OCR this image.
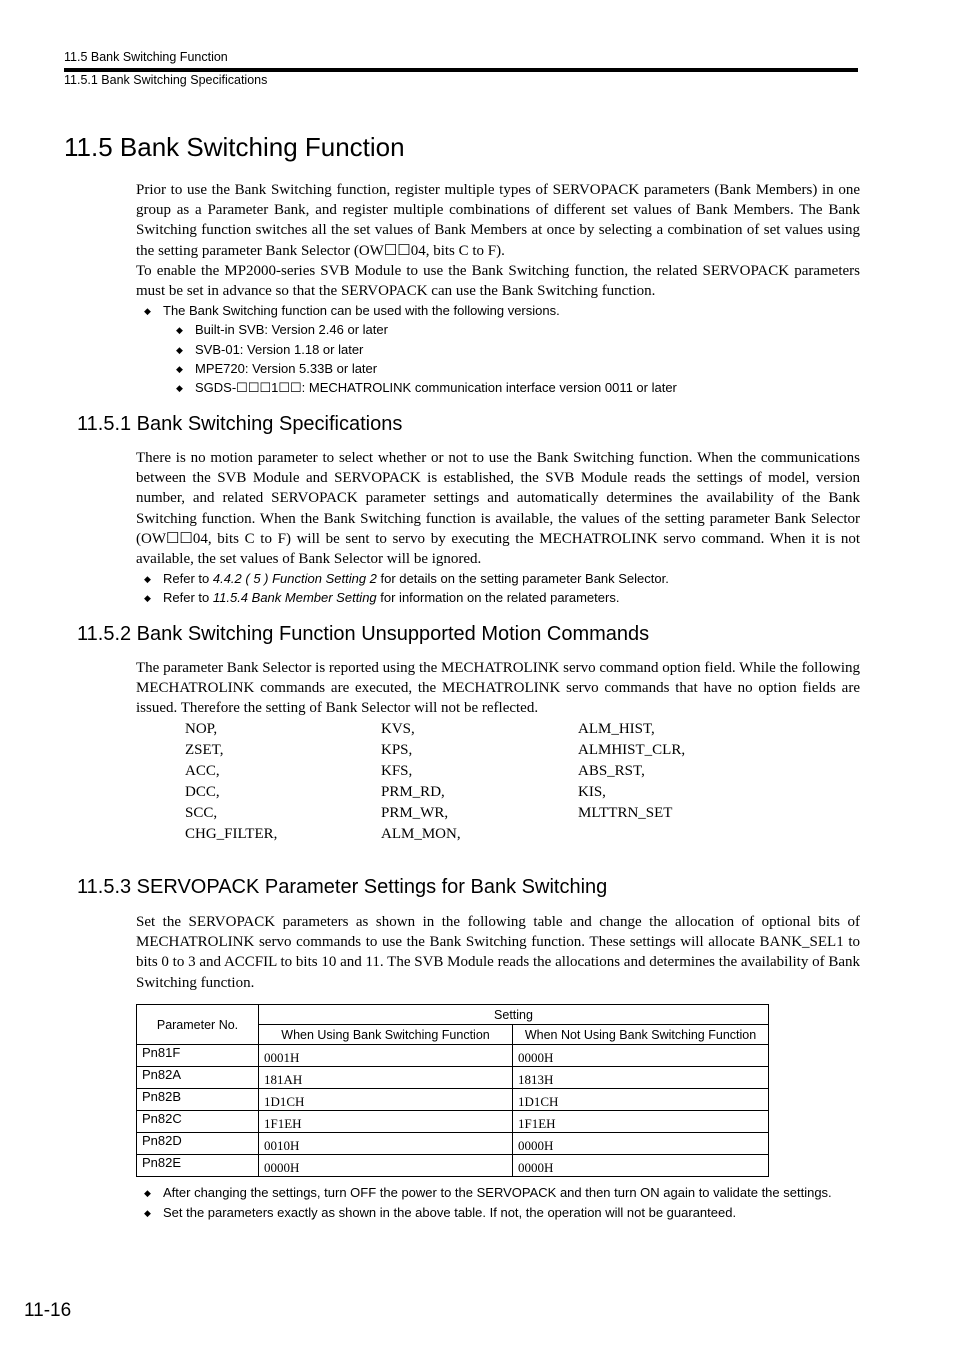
11.5 Bank Switching Function
11.5.1 Bank Switching Specifications
11.5 Bank Switching Function

Prior to use the Bank Switching function, register multiple types of SERVOPACK parameters (Bank Members) in one group as a Parameter Bank, and register multiple combinations of different set values of Bank Members. The Bank Switching function switches all the set values of Bank Members at once by selecting a combination of set values using the setting parameter Bank Selector (OW☐☐04, bits C to F).

To enable the MP2000-series SVB Module to use the Bank Switching function, the related SERVOPACK parameters must be set in advance so that the SERVOPACK can use the Bank Switching function.

◆ The Bank Switching function can be used with the following versions.
◆ Built-in SVB: Version 2.46 or later
◆ SVB-01: Version 1.18 or later
◆ MPE720: Version 5.33B or later
◆ SGDS-☐☐☐1☐☐: MECHATROLINK communication interface version 0011 or later
11.5.1 Bank Switching Specifications

There is no motion parameter to select whether or not to use the Bank Switching function. When the communications between the SVB Module and SERVOPACK is established, the SVB Module reads the settings of model, version number, and related SERVOPACK parameter settings and automatically determines the availability of the Bank Switching function. When the Bank Switching function is available, the values of the setting parameter Bank Selector (OW☐☐04, bits C to F) will be sent to servo by executing the MECHATROLINK servo command. When it is not available, the set values of Bank Selector will be ignored.

◆ Refer to 4.4.2 ( 5 ) Function Setting 2 for details on the setting parameter Bank Selector.
◆ Refer to 11.5.4 Bank Member Setting for information on the related parameters.
11.5.2 Bank Switching Function Unsupported Motion Commands

The parameter Bank Selector is reported using the MECHATROLINK servo command option field. While the following MECHATROLINK commands are executed, the MECHATROLINK servo commands that have no option fields are issued. Therefore the setting of Bank Selector will not be reflected.

NOP,	KVS,	ALM_HIST,
ZSET,	KPS,	ALMHIST_CLR,
ACC,	KFS,	ABS_RST,
DCC,	PRM_RD,	KIS,
SCC,	PRM_WR,	MLTTRN_SET
CHG_FILTER,	ALM_MON,
11.5.3 SERVOPACK Parameter Settings for Bank Switching

Set the SERVOPACK parameters as shown in the following table and change the allocation of optional bits of MECHATROLINK servo commands to use the Bank Switching function. These settings will allocate BANK_SEL1 to bits 0 to 3 and ACCFIL to bits 10 and 11. The SVB Module reads the allocations and determines the availability of Bank Switching function.

Parameter No.	Setting	
	When Using Bank Switching Function	When Not Using Bank Switching Function
Pn81F	0001H	0000H
Pn82A	181AH	1813H
Pn82B	1D1CH	1D1CH
Pn82C	1F1EH	1F1EH
Pn82D	0010H	0000H
Pn82E	0000H	0000H
◆ After changing the settings, turn OFF the power to the SERVOPACK and then turn ON again to validate the settings.
◆ Set the parameters exactly as shown in the above table. If not, the operation will not be guaranteed.
11-16
